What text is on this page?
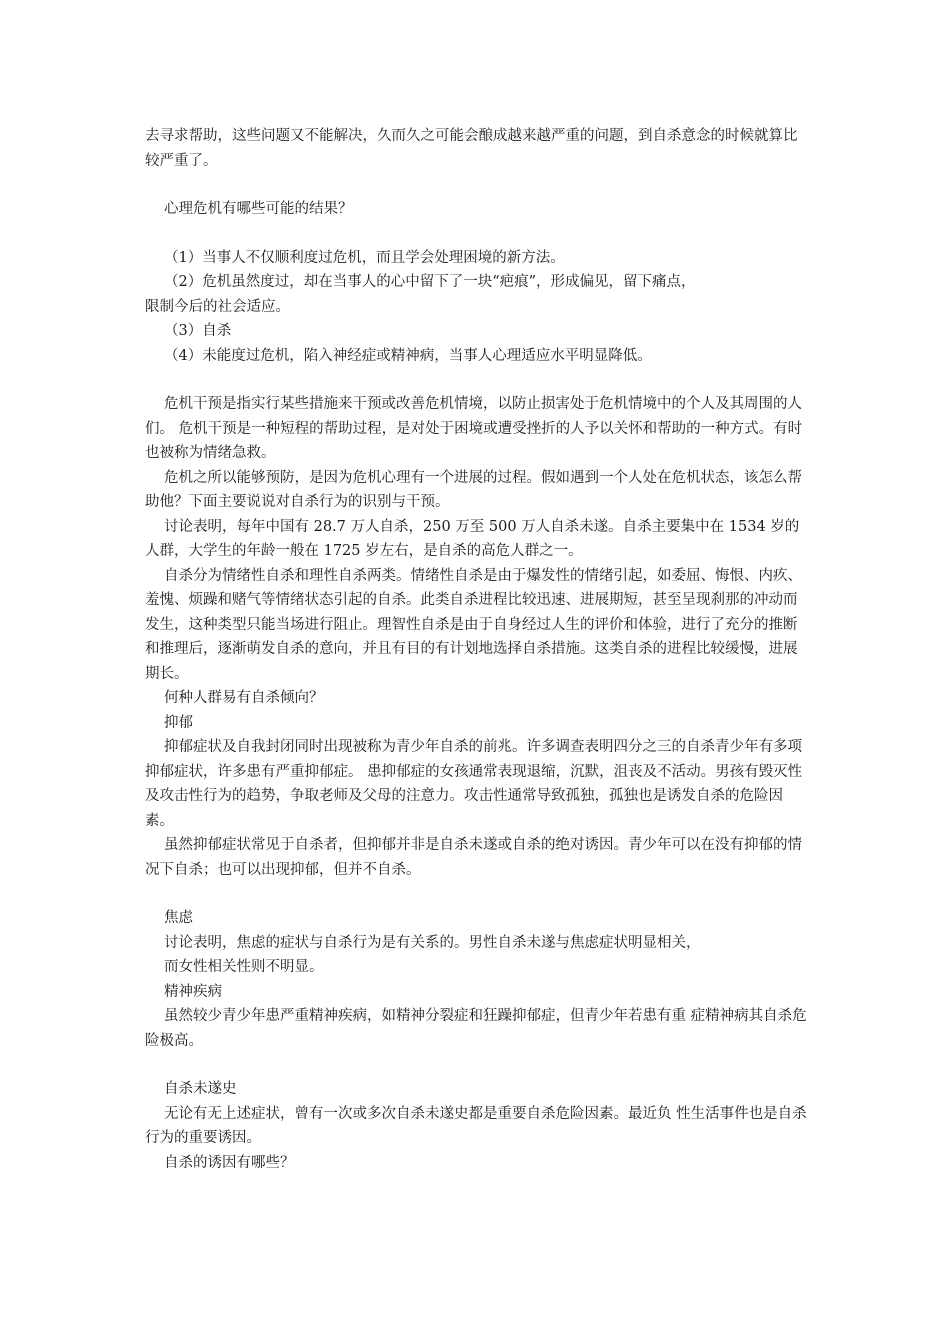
去寻求帮助，这些问题又不能解决，久而久之可能会酿成越来越严重的问题，到自杀意念的时候就算比较严重了。

心理危机有哪些可能的结果？

（1）当事人不仅顺利度过危机，而且学会处理困境的新方法。

（2）危机虽然度过，却在当事人的心中留下了一块“疤痕”，形成偏见，留下痛点，

限制今后的社会适应。

（3）自杀

（4）未能度过危机，陷入神经症或精神病，当事人心理适应水平明显降低。

危机干预是指实行某些措施来干预或改善危机情境，以防止损害处于危机情境中的个人及其周围的人们。 危机干预是一种短程的帮助过程，是对处于困境或遭受挫折的人予以关怀和帮助的一种方式。有时也被称为情绪急救。

危机之所以能够预防，是因为危机心理有一个进展的过程。假如遇到一个人处在危机状态，该怎么帮助他？下面主要说说对自杀行为的识别与干预。

讨论表明，每年中国有 28.7 万人自杀，250 万至 500 万人自杀未遂。自杀主要集中在 1534 岁的人群，大学生的年龄一般在 1725 岁左右，是自杀的高危人群之一。

自杀分为情绪性自杀和理性自杀两类。情绪性自杀是由于爆发性的情绪引起，如委屈、悔恨、内疚、羞愧、烦躁和赌气等情绪状态引起的自杀。此类自杀进程比较迅速、进展期短，甚至呈现刹那的冲动而发生，这种类型只能当场进行阻止。理智性自杀是由于自身经过人生的评价和体验，进行了充分的推断和推理后，逐渐萌发自杀的意向，并且有目的有计划地选择自杀措施。这类自杀的进程比较缓慢，进展期长。

何种人群易有自杀倾向？

抑郁

抑郁症状及自我封闭同时出现被称为青少年自杀的前兆。许多调查表明四分之三的自杀青少年有多项抑郁症状，许多患有严重抑郁症。 患抑郁症的女孩通常表现退缩，沉默，沮丧及不活动。男孩有毁灭性及攻击性行为的趋势，争取老师及父母的注意力。攻击性通常导致孤独，孤独也是诱发自杀的危险因素。

虽然抑郁症状常见于自杀者，但抑郁并非是自杀未遂或自杀的绝对诱因。青少年可以在没有抑郁的情况下自杀；也可以出现抑郁，但并不自杀。

焦虑

讨论表明，焦虑的症状与自杀行为是有关系的。男性自杀未遂与焦虑症状明显相关，

而女性相关性则不明显。

精神疾病

虽然较少青少年患严重精神疾病，如精神分裂症和狂躁抑郁症，但青少年若患有重 症精神病其自杀危险极高。

自杀未遂史

无论有无上述症状，曾有一次或多次自杀未遂史都是重要自杀危险因素。最近负 性生活事件也是自杀行为的重要诱因。

自杀的诱因有哪些？
